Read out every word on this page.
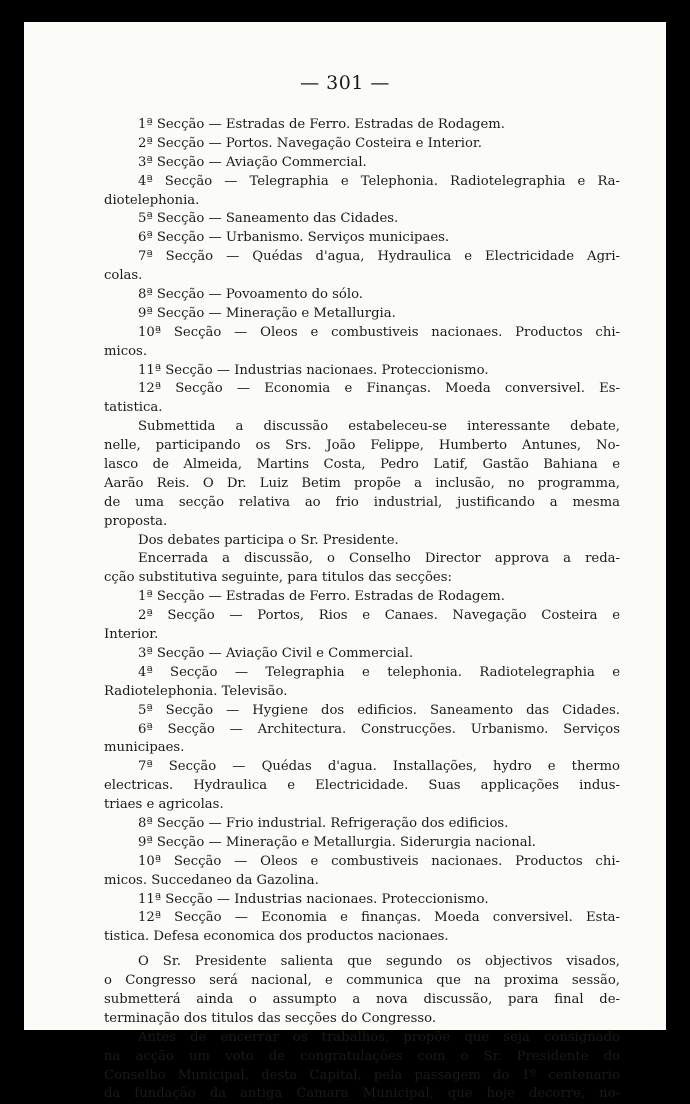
— 301 —
1ª Secção — Estradas de Ferro. Estradas de Rodagem.
2ª Secção — Portos. Navegação Costeira e Interior.
3ª Secção — Aviação Commercial.
4ª Secção — Telegraphia e Telephonia. Radiotelegraphia e Ra-
diotelephonia.
5ª Secção — Saneamento das Cidades.
6ª Secção — Urbanismo. Serviços municipaes.
7ª Secção — Quédas d'agua, Hydraulica e Electricidade Agri-
colas.
8ª Secção — Povoamento do sólo.
9ª Secção — Mineração e Metallurgia.
10ª Secção — Oleos e combustiveis nacionaes. Productos chi-
micos.
11ª Secção — Industrias nacionaes. Proteccionismo.
12ª Secção — Economia e Finanças. Moeda conversivel. Es-
tatistica.
Submettida a discussão estabeleceu-se interessante debate,
nelle, participando os Srs. João Felippe, Humberto Antunes, No-
lasco de Almeida, Martins Costa, Pedro Latif, Gastão Bahiana e
Aarão Reis. O Dr. Luiz Betim propõe a inclusão, no programma,
de uma secção relativa ao frio industrial, justificando a mesma
proposta.
Dos debates participa o Sr. Presidente.
Encerrada a discussão, o Conselho Director approva a reda-
cção substitutiva seguinte, para titulos das secções:
1ª Secção — Estradas de Ferro. Estradas de Rodagem.
2ª Secção — Portos, Rios e Canaes. Navegação Costeira e
Interior.
3ª Secção — Aviação Civil e Commercial.
4ª Secção — Telegraphia e telephonia. Radiotelegraphia e
Radiotelephonia. Televisão.
5ª Secção — Hygiene dos edificios. Saneamento das Cidades.
6ª Secção — Architectura. Construcções. Urbanismo. Serviços
municipaes.
7ª Secção — Quédas d'agua. Installações, hydro e thermo
electricas. Hydraulica e Electricidade. Suas applicações indus-
triaes e agricolas.
8ª Secção — Frio industrial. Refrigeração dos edificios.
9ª Secção — Mineração e Metallurgia. Siderurgia nacional.
10ª Secção — Oleos e combustiveis nacionaes. Productos chi-
micos. Succedaneo da Gazolina.
11ª Secção — Industrias nacionaes. Proteccionismo.
12ª Secção — Economia e finanças. Moeda conversivel. Esta-
tistica. Defesa economica dos productos nacionaes.
O Sr. Presidente salienta que segundo os objectivos visados,
o Congresso será nacional, e communica que na proxima sessão,
submetterá ainda o assumpto a nova discussão, para final de-
terminação dos titulos das secções do Congresso.
Antes de encerrar os trabalhos, propõe que seja consignado
na acção um voto de congratulações com o Sr. Presidente do
Conselho Municipal, desta Capital, pela passagem do 1º centenario
da fundação da antiga Camara Municipal, que hoje decorre, no-
